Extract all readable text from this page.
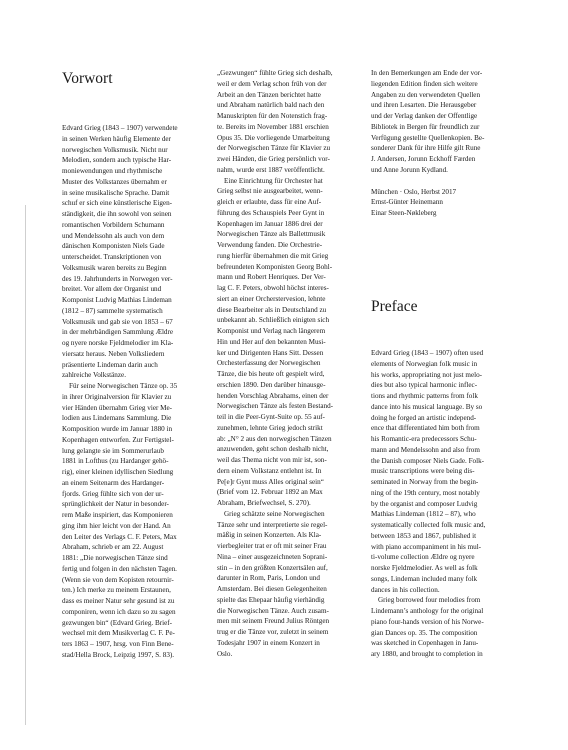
Vorwort
Edvard Grieg (1843 – 1907) verwendete
in seinen Werken häufig Elemente der
norwegischen Volksmusik. Nicht nur
Melodien, sondern auch typische Har-
moniewendungen und rhythmische
Muster des Volkstanzes übernahm er
in seine musikalische Sprache. Damit
schuf er sich eine künstlerische Eigen-
ständigkeit, die ihn sowohl von seinen
romantischen Vorbildern Schumann
und Mendelssohn als auch von dem
dänischen Komponisten Niels Gade
unterscheidet. Transkriptionen von
Volksmusik waren bereits zu Beginn
des 19. Jahrhunderts in Norwegen ver-
breitet. Vor allem der Organist und
Komponist Ludvig Mathias Lindeman
(1812 – 87) sammelte systematisch
Volksmusik und gab sie von 1853 – 67
in der mehrbändigen Sammlung Ældre
og nyere norske Fjeldmelodier im Kla-
viersatz heraus. Neben Volksliedern
präsentierte Lindeman darin auch
zahlreiche Volkstänze.
Für seine Norwegischen Tänze op. 35
in ihrer Originalversion für Klavier zu
vier Händen übernahm Grieg vier Me-
lodien aus Lindemans Sammlung. Die
Komposition wurde im Januar 1880 in
Kopenhagen entworfen. Zur Fertigstel-
lung gelangte sie im Sommerurlaub
1881 in Lofthus (zu Hardanger gehö-
rig), einer kleinen idyllischen Siedlung
an einem Seitenarm des Hardanger-
fjords. Grieg fühlte sich von der ur-
sprünglichkeit der Natur in besonder-
rem Maße inspiriert, das Komponieren
ging ihm hier leicht von der Hand. An
den Leiter des Verlags C. F. Peters, Max
Abraham, schrieb er am 22. August
1881: „Die norwegischen Tänze sind
fertig und folgen in den nächsten Tagen.
(Wenn sie von dem Kopisten retournir-
ten.) Ich merke zu meinem Erstaunen,
dass es meiner Natur sehr gesund ist zu
componiren, wenn ich dazu so zu sagen
gezwungen bin“ (Edvard Grieg. Brief-
wechsel mit dem Musikverlag C. F. Pe-
ters 1863 – 1907, hrsg. von Finn Bene-
stad/Hella Brock, Leipzig 1997, S. 83).
„Gezwungen“ fühlte Grieg sich deshalb,
weil er dem Verlag schon früh von der
Arbeit an den Tänzen berichtet hatte
und Abraham natürlich bald nach den
Manuskripten für den Notenstich frag-
te. Bereits im November 1881 erschien
Opus 35. Die vorliegende Umarbeitung
der Norwegischen Tänze für Klavier zu
zwei Händen, die Grieg persönlich vor-
nahm, wurde erst 1887 veröffentlicht.
Eine Einrichtung für Orchester hat
Grieg selbst nie ausgearbeitet, wenn-
gleich er erlaubte, dass für eine Auf-
führung des Schauspiels Peer Gynt in
Kopenhagen im Januar 1886 drei der
Norwegischen Tänze als Ballettmusik
Verwendung fanden. Die Orchestrie-
rung hierfür übernahmen die mit Grieg
befreundeten Komponisten Georg Bohl-
mann und Robert Henriques. Der Ver-
lag C. F. Peters, obwohl höchst interes-
siert an einer Orcherstervesion, lehnte
diese Bearbeiter als in Deutschland zu
unbekannt ab. Schließlich einigten sich
Komponist und Verlag nach längerem
Hin und Her auf den bekannten Musi-
ker und Dirigenten Hans Sitt. Dessen
Orchesterfassung der Norwegischen
Tänze, die bis heute oft gespielt wird,
erschien 1890. Den darüber hinausge-
henden Vorschlag Abrahams, einen der
Norwegischen Tänze als festen Bestand-
teil in die Peer-Gynt-Suite op. 55 auf-
zunehmen, lehnte Grieg jedoch strikt
ab: „N° 2 aus den norwegischen Tänzen
anzuwenden, geht schon deshalb nicht,
weil das Thema nicht von mir ist, son-
dern einem Volkstanz entlehnt ist. In
Pe[e]r Gynt muss Alles original sein“
(Brief vom 12. Februar 1892 an Max
Abraham, Briefwechsel, S. 270).
Grieg schätzte seine Norwegischen
Tänze sehr und interpretierte sie regel-
mäßig in seinen Konzerten. Als Kla-
vierbegleiter trat er oft mit seiner Frau
Nina – einer ausgezeichneten Soprani-
stin – in den größten Konzertsälen auf,
darunter in Rom, Paris, London und
Amsterdam. Bei diesen Gelegenheiten
spielte das Ehepaar häufig vierhändig
die Norwegischen Tänze. Auch zusam-
men mit seinem Freund Julius Röntgen
trug er die Tänze vor, zuletzt in seinem
Todesjahr 1907 in einem Konzert in
Oslo.
In den Bemerkungen am Ende der vor-
liegenden Edition finden sich weitere
Angaben zu den verwendeten Quellen
und ihren Lesarten. Die Herausgeber
und der Verlag danken der Offentlige
Bibliotek in Bergen für freundlich zur
Verfügung gestellte Quellenkopien. Be-
sonderer Dank für ihre Hilfe gilt Rune
J. Andersen, Jorunn Eckhoff Færden
und Anne Jorunn Kydland.
München · Oslo, Herbst 2017
Ernst-Günter Heinemann
Einar Steen-Nøkleberg
Preface
Edvard Grieg (1843 – 1907) often used
elements of Norwegian folk music in
his works, appropriating not just melo-
dies but also typical harmonic inflec-
tions and rhythmic patterns from folk
dance into his musical language. By so
doing he forged an artistic independ-
ence that differentiated him both from
his Romantic-era predecessors Schu-
mann and Mendelssohn and also from
the Danish composer Niels Gade. Folk-
music transcriptions were being dis-
seminated in Norway from the begin-
ning of the 19th century, most notably
by the organist and composer Ludvig
Mathias Lindeman (1812 – 87), who
systematically collected folk music and,
between 1853 and 1867, published it
with piano accompaniment in his mul-
ti-volume collection Ældre og nyere
norske Fjeldmelodier. As well as folk
songs, Lindeman included many folk
dances in his collection.
Grieg borrowed four melodies from
Lindemann’s anthology for the original
piano four-hands version of his Norwe-
gian Dances op. 35. The composition
was sketched in Copenhagen in Janu-
ary 1880, and brought to completion in
